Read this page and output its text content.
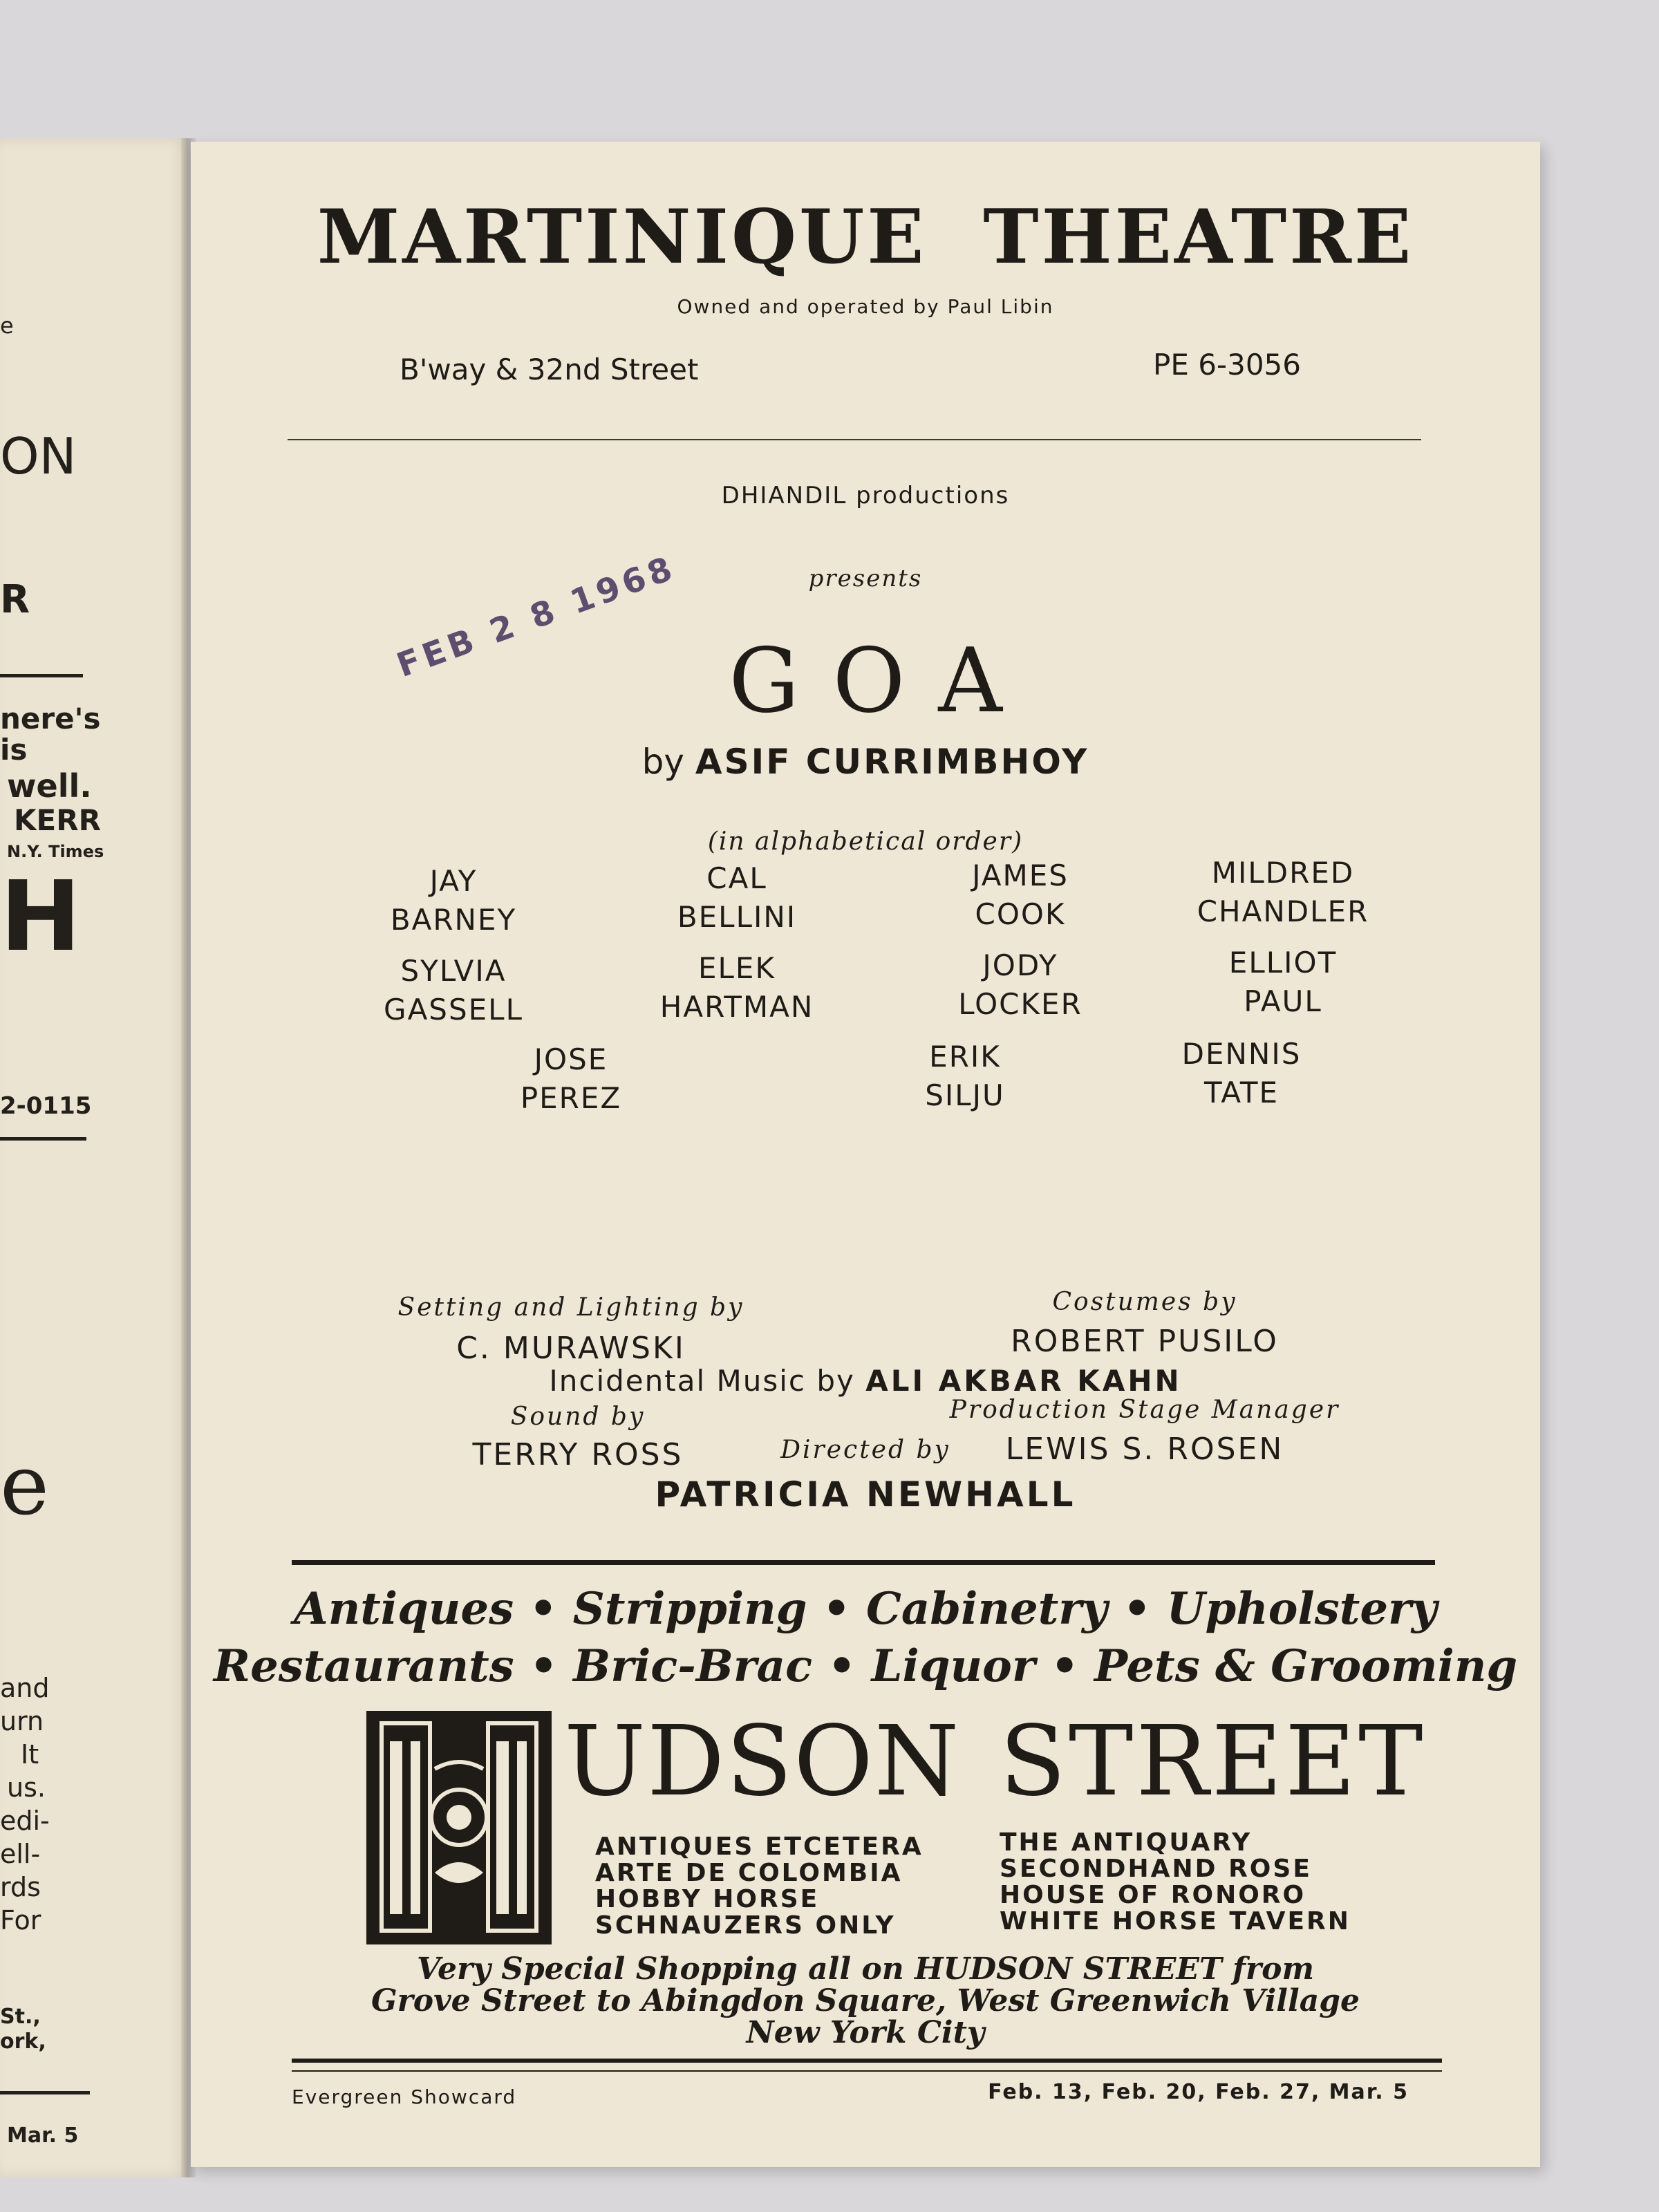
e
ON
R
nere's
is
well.
KERR
N.Y. Times
H
2-0115
e
and
urn
It
us.
edi-
ell-
rds
For
St.,
ork,
Mar. 5
MARTINIQUE THEATRE
Owned and operated by Paul Libin
B'way & 32nd Street	PE 6-3056
FEB 2 8 1968
DHIANDIL productions
presents
GOA
by ASIF CURRIMBHOY
(in alphabetical order)
JAY
BARNEY
CAL
BELLINI
JAMES
COOK
MILDRED
CHANDLER
SYLVIA
GASSELL
ELEK
HARTMAN
JODY
LOCKER
ELLIOT
PAUL
JOSE
PEREZ
ERIK
SILJU
DENNIS
TATE
Setting and Lighting by
C. MURAWSKI
Costumes by
ROBERT PUSILO
Sound by
TERRY ROSS
Production Stage Manager
LEWIS S. ROSEN
Incidental Music by ALI AKBAR KAHN
Directed by
PATRICIA NEWHALL
Antiques • Stripping • Cabinetry • Upholstery
Restaurants • Bric-Brac • Liquor • Pets & Grooming
UDSON STREET
ANTIQUES ETCETERA
ARTE DE COLOMBIA
HOBBY HORSE
SCHNAUZERS ONLY
THE ANTIQUARY
SECONDHAND ROSE
HOUSE OF RONORO
WHITE HORSE TAVERN
Very Special Shopping all on HUDSON STREET from
Grove Street to Abingdon Square, West Greenwich Village
New York City
Evergreen Showcard	Feb. 13, Feb. 20, Feb. 27, Mar. 5
